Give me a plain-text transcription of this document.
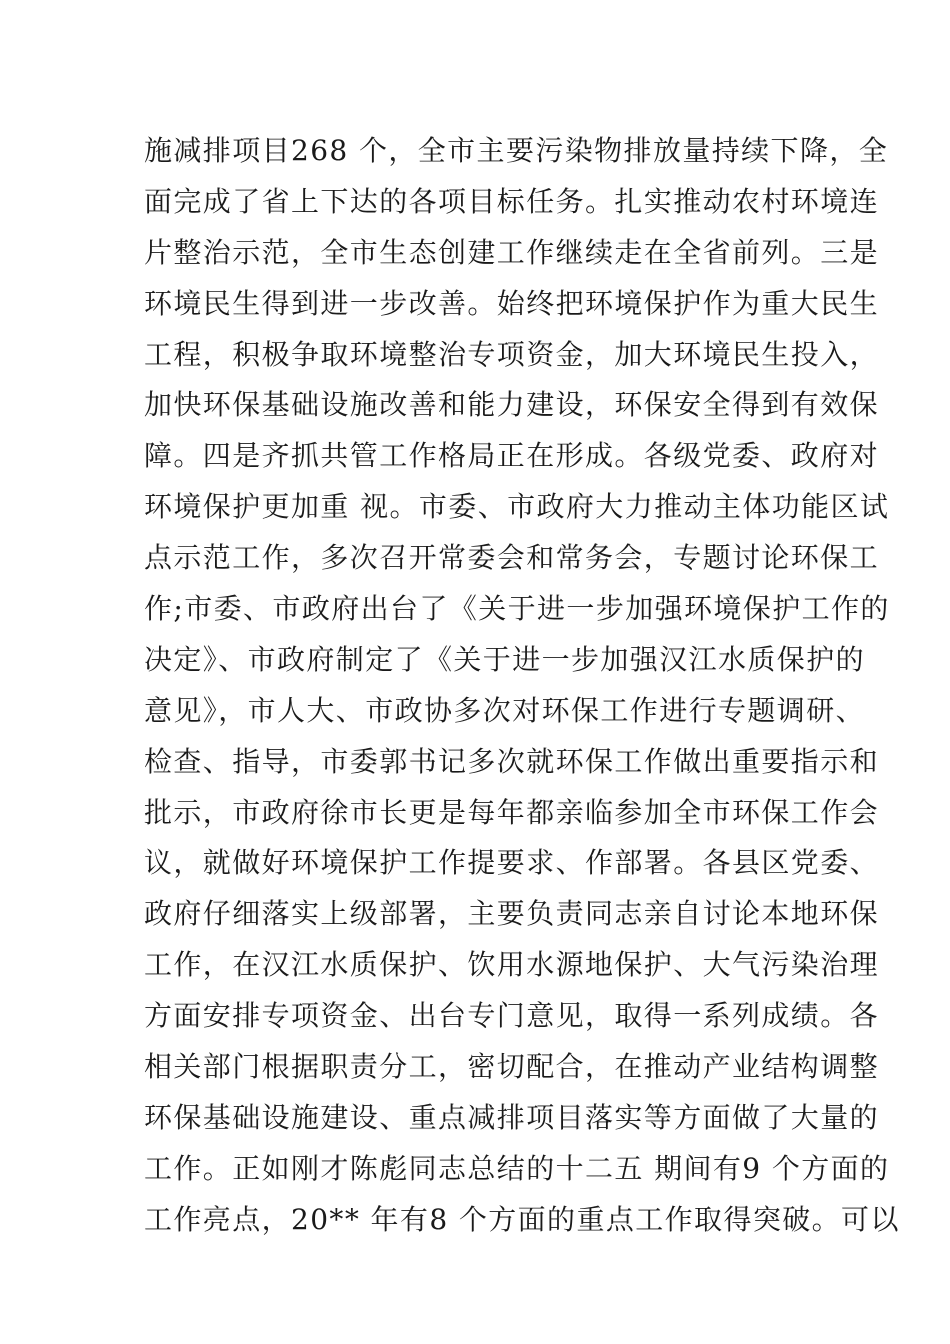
施减排项目268 个，全市主要污染物排放量持续下降，全
面完成了省上下达的各项目标任务。扎实推动农村环境连
片整治示范，全市生态创建工作继续走在全省前列。三是
环境民生得到进一步改善。始终把环境保护作为重大民生
工程，积极争取环境整治专项资金，加大环境民生投入，
加快环保基础设施改善和能力建设，环保安全得到有效保
障。四是齐抓共管工作格局正在形成。各级党委、政府对
环境保护更加重 视。市委、市政府大力推动主体功能区试
点示范工作，多次召开常委会和常务会，专题讨论环保工
作;市委、市政府出台了《关于进一步加强环境保护工作的
决定》、市政府制定了《关于进一步加强汉江水质保护的
意见》，市人大、市政协多次对环保工作进行专题调研、
检查、指导，市委郭书记多次就环保工作做出重要指示和
批示，市政府徐市长更是每年都亲临参加全市环保工作会
议，就做好环境保护工作提要求、作部署。各县区党委、
政府仔细落实上级部署，主要负责同志亲自讨论本地环保
工作，在汉江水质保护、饮用水源地保护、大气污染治理
方面安排专项资金、出台专门意见，取得一系列成绩。各
相关部门根据职责分工，密切配合，在推动产业结构调整
环保基础设施建设、重点减排项目落实等方面做了大量的
工作。正如刚才陈彪同志总结的十二五 期间有9 个方面的
工作亮点，20** 年有8 个方面的重点工作取得突破。可以
